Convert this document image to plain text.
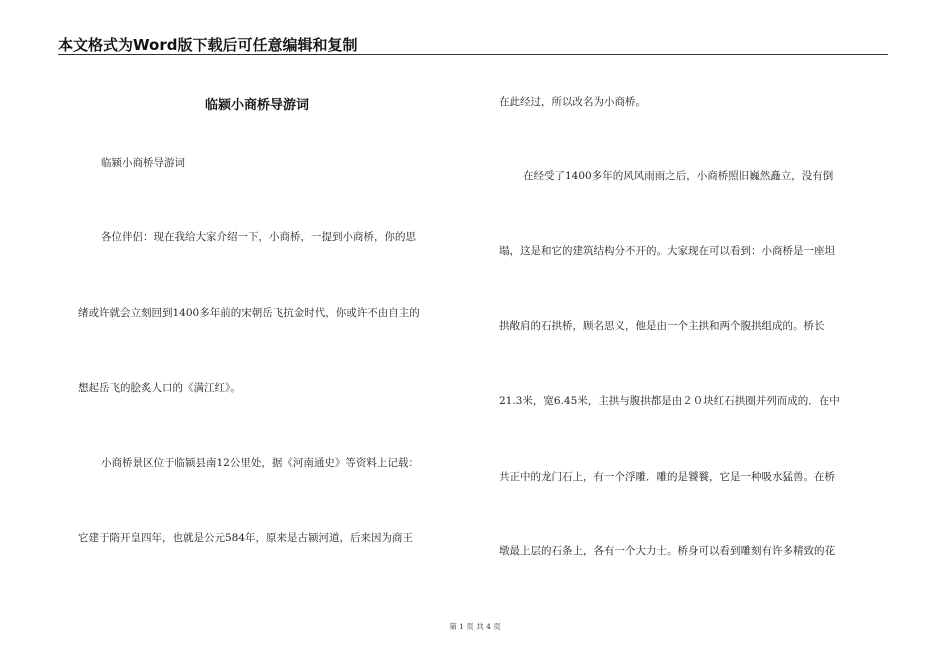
本文格式为Word版下载后可任意编辑和复制
临颍小商桥导游词
临颍小商桥导游词
各位伴侣：现在我给大家介绍一下，小商桥，一提到小商桥，你的思
绪或许就会立刻回到1400多年前的宋朝岳飞抗金时代，你或许不由自主的
想起岳飞的脍炙人口的《满江红》。
小商桥景区位于临颍县南12公里处，据《河南通史》等资料上记载：
它建于隋开皇四年，也就是公元584年，原来是古颍河道，后来因为商王
在此经过，所以改名为小商桥。
在经受了1400多年的风风雨雨之后，小商桥照旧巍然矗立，没有倒
塌，这是和它的建筑结构分不开的。大家现在可以看到：小商桥是一座坦
拱敞肩的石拱桥，顾名思义，他是由一个主拱和两个腹拱组成的。桥长
21.3米，宽6.45米，主拱与腹拱都是由２０块红石拱圈并列而成的．在中
共正中的龙门石上，有一个浮雕．雕的是饕餮，它是一种吸水猛兽。在桥
墩最上层的石条上，各有一个大力士。桥身可以看到雕刻有许多精致的花
第 1 页 共 4 页
